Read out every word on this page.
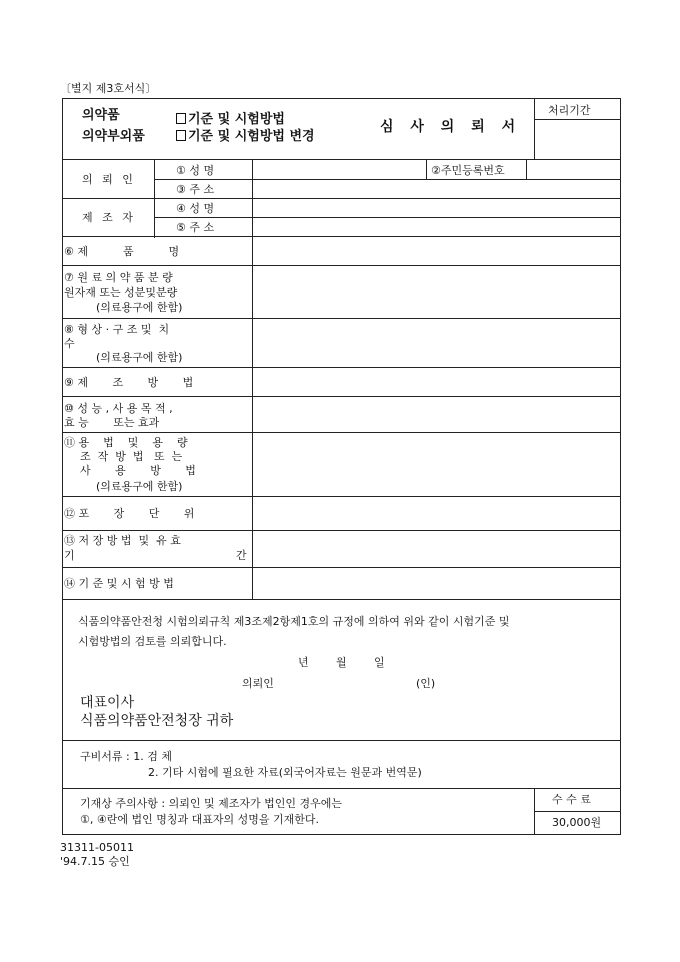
〔별지 제3호서식〕
의약품
의약부외품
기준 및 시험방법
기준 및 시험방법 변경
심 사 의 뢰 서
처리기간
의 뢰 인
① 성 명
③ 주 소
②주민등록번호
제 조 자
④ 성 명
⑤ 주 소
⑥ 제          품          명
⑦ 원 료 의 약 품 분 량
원자재 또는 성분및분량
(의료용구에 한함)
⑧ 형 상 · 구 조 및  치
수
(의료용구에 한함)
⑨ 제       조       방       법
⑩ 성 능 , 사 용 목 적 ,
효 능       또는 효과
⑪ 용    법    및    용    량
조  작  방  법   또  는
사       용       방       법
(의료용구에 한함)
⑫ 포       장       단       위
⑬ 저 장 방 법  및  유 효
기	간
⑭ 기 준 및 시 험 방 법
식품의약품안전청 시험의뢰규칙 제3조제2항제1호의 규정에 의하여 위와 같이 시험기준 및
시험방법의 검토를 의뢰합니다.
년 월 일
의뢰인	(인)
대표이사
식품의약품안전청장 귀하
구비서류 : 1. 검 체
2. 기타 시험에 필요한 자료(외국어자료는 원문과 번역문)
기재상 주의사항 : 의뢰인 및 제조자가 법인인 경우에는
①, ④란에 법인 명칭과 대표자의 성명을 기재한다.
수 수 료
30,000원
31311-05011
'94.7.15 승인
